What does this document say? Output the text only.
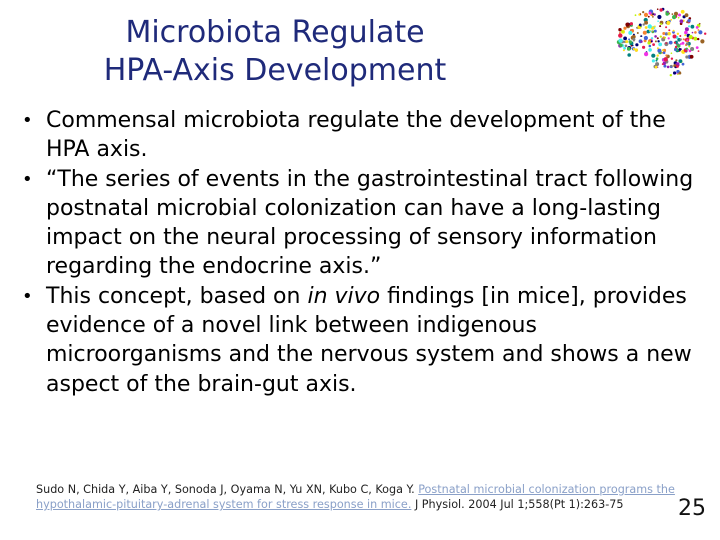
Microbiota Regulate
HPA-Axis Development
• Commensal microbiota regulate the development of the HPA axis.
• “The series of events in the gastrointestinal tract following postnatal microbial colonization can have a long-lasting impact on the neural processing of sensory information regarding the endocrine axis.”
• This concept, based on in vivo findings [in mice], provides evidence of a novel link between indigenous microorganisms and the nervous system and shows a new aspect of the brain-gut axis.
Sudo N, Chida Y, Aiba Y, Sonoda J, Oyama N, Yu XN, Kubo C, Koga Y. Postnatal microbial colonization programs the hypothalamic-pituitary-adrenal system for stress response in mice. J Physiol. 2004 Jul 1;558(Pt 1):263-75	25
